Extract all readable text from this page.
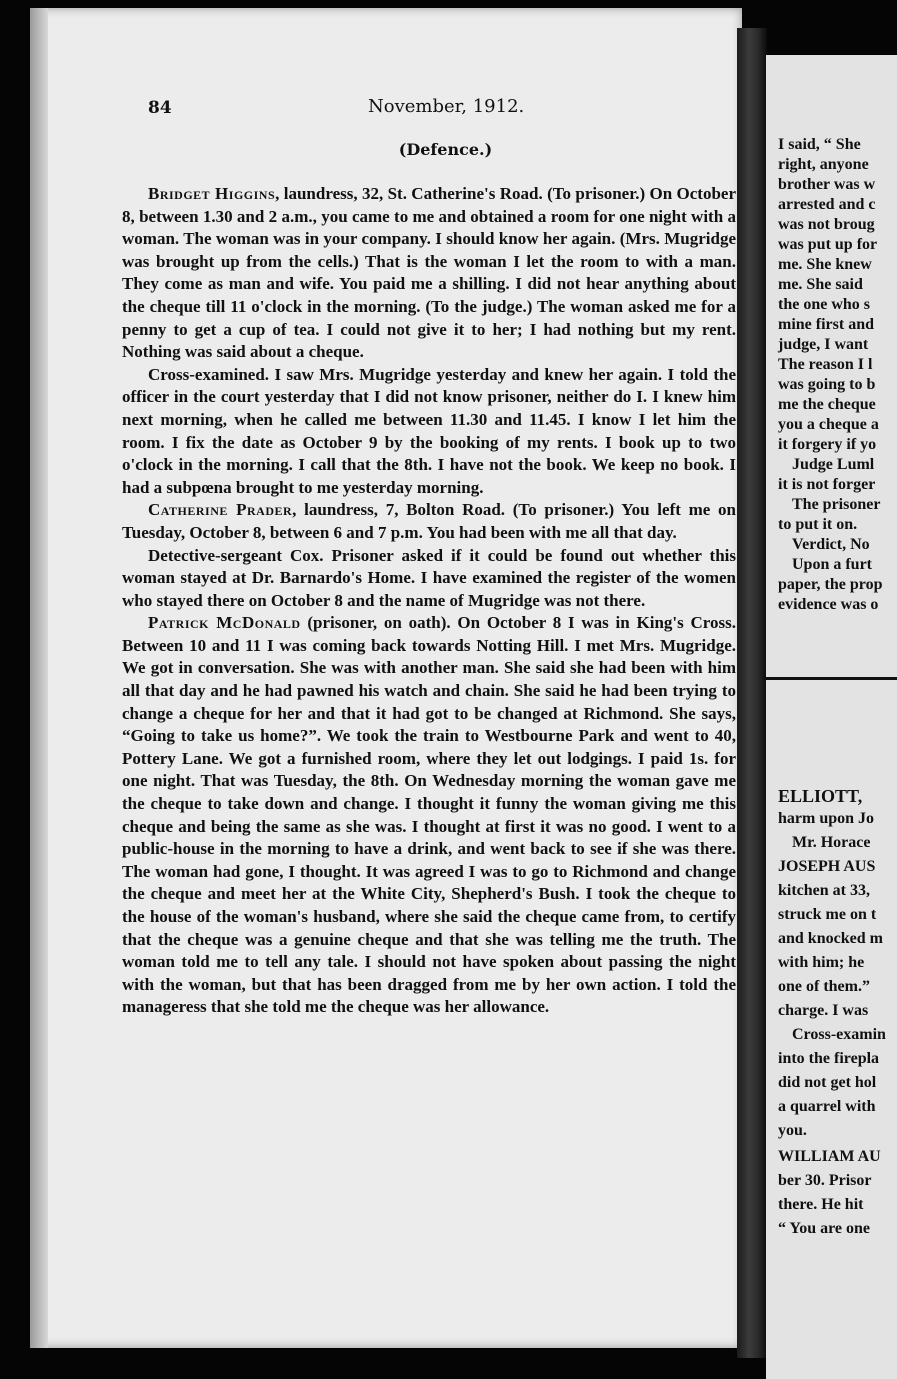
84	November, 1912.
(Defence.)

Bridget Higgins, laundress, 32, St. Catherine's Road. (To prisoner.) On October 8, between 1.30 and 2 a.m., you came to me and obtained a room for one night with a woman. The woman was in your company. I should know her again. (Mrs. Mugridge was brought up from the cells.) That is the woman I let the room to with a man. They come as man and wife. You paid me a shilling. I did not hear anything about the cheque till 11 o'clock in the morning. (To the judge.) The woman asked me for a penny to get a cup of tea. I could not give it to her; I had nothing but my rent. Nothing was said about a cheque.

Cross-examined. I saw Mrs. Mugridge yesterday and knew her again. I told the officer in the court yesterday that I did not know prisoner, neither do I. I knew him next morning, when he called me between 11.30 and 11.45. I know I let him the room. I fix the date as October 9 by the booking of my rents. I book up to two o'clock in the morning. I call that the 8th. I have not the book. We keep no book. I had a subpœna brought to me yesterday morning.

Catherine Prader, laundress, 7, Bolton Road. (To prisoner.) You left me on Tuesday, October 8, between 6 and 7 p.m. You had been with me all that day.

Detective-sergeant Cox. Prisoner asked if it could be found out whether this woman stayed at Dr. Barnardo's Home. I have examined the register of the women who stayed there on October 8 and the name of Mugridge was not there.

Patrick McDonald (prisoner, on oath). On October 8 I was in King's Cross. Between 10 and 11 I was coming back towards Notting Hill. I met Mrs. Mugridge. We got in conversation. She was with another man. She said she had been with him all that day and he had pawned his watch and chain. She said he had been trying to change a cheque for her and that it had got to be changed at Richmond. She says, “Going to take us home?”. We took the train to Westbourne Park and went to 40, Pottery Lane. We got a furnished room, where they let out lodgings. I paid 1s. for one night. That was Tuesday, the 8th. On Wednesday morning the woman gave me the cheque to take down and change. I thought it funny the woman giving me this cheque and being the same as she was. I thought at first it was no good. I went to a public-house in the morning to have a drink, and went back to see if she was there. The woman had gone, I thought. It was agreed I was to go to Richmond and change the cheque and meet her at the White City, Shepherd's Bush. I took the cheque to the house of the woman's husband, where she said the cheque came from, to certify that the cheque was a genuine cheque and that she was telling me the truth. The woman told me to tell any tale. I should not have spoken about passing the night with the woman, but that has been dragged from me by her own action. I told the manageress that she told me the cheque was her allowance.

I said, “ She
right, anyone
brother was w
arrested and c
was not broug
was put up for
me. She knew
me. She said
the one who s
mine first and
judge, I want
The reason I l
was going to b
me the cheque
you a cheque a
it forgery if yo
Judge Luml
it is not forger
The prisoner
to put it on.
Verdict, No
Upon a furt
paper, the prop
evidence was o
ELLIOTT,
harm upon Jo
Mr. Horace
JOSEPH AUS
kitchen at 33,
struck me on t
and knocked m
with him; he
one of them.”
charge. I was
Cross-examin
into the firepla
did not get hol
a quarrel with
you.
WILLIAM AU
ber 30. Prisor
there. He hit
“ You are one
